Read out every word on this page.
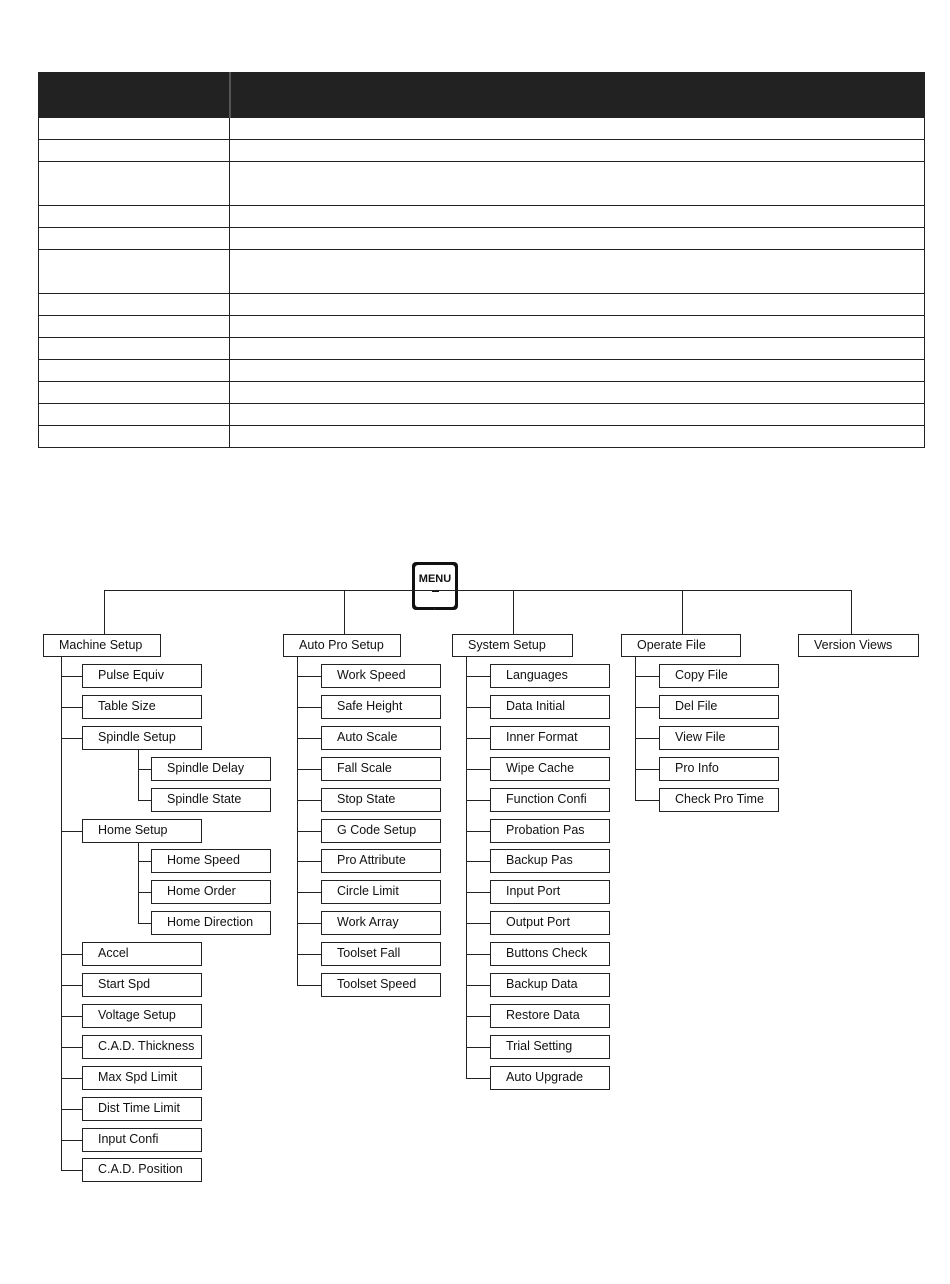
MENU
Machine Setup
Pulse Equiv
Table Size
Spindle Setup
Spindle Delay
Spindle State
Home Setup
Home Speed
Home Order
Home Direction
Accel
Start Spd
Voltage Setup
C.A.D. Thickness
Max Spd Limit
Dist Time Limit
Input Confi
C.A.D. Position
Auto Pro Setup
Work Speed
Safe Height
Auto Scale
Fall Scale
Stop State
G Code Setup
Pro Attribute
Circle Limit
Work Array
Toolset Fall
Toolset Speed
System Setup
Languages
Data Initial
Inner Format
Wipe Cache
Function Confi
Probation Pas
Backup Pas
Input Port
Output Port
Buttons Check
Backup Data
Restore Data
Trial Setting
Auto Upgrade
Operate File
Copy File
Del File
View File
Pro Info
Check Pro Time
Version Views
